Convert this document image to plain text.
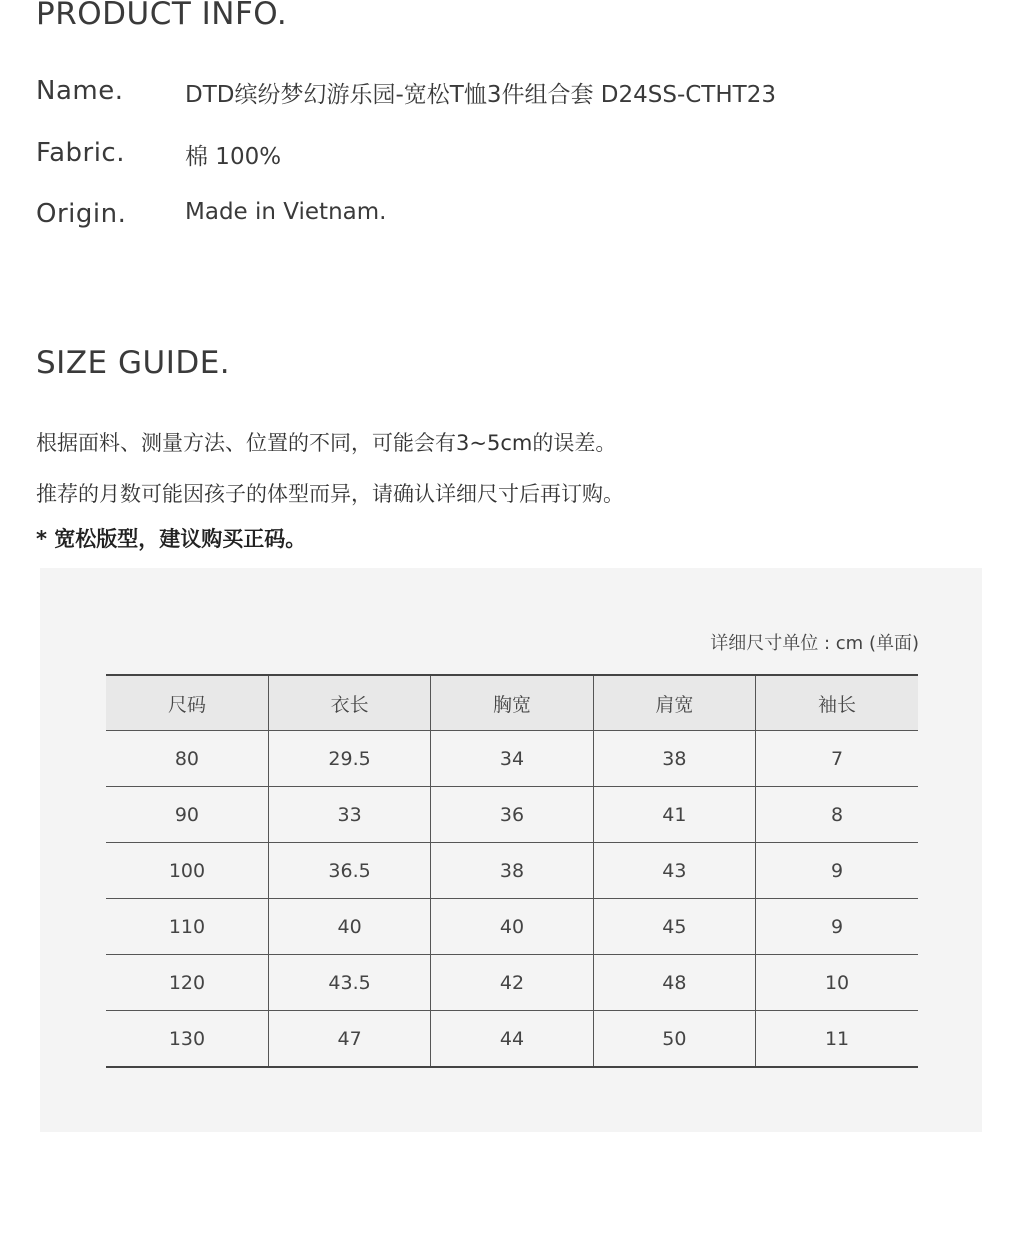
PRODUCT INFO.
Name.	DTD缤纷梦幻游乐园-宽松T恤3件组合套 D24SS-CTHT23
Fabric.	棉 100%
Origin.	Made in Vietnam.
SIZE GUIDE.

根据面料、测量方法、位置的不同，可能会有3~5cm的误差。

推荐的月数可能因孩子的体型而异，请确认详细尺寸后再订购。

* 宽松版型，建议购买正码。

详细尺寸单位 : cm (单面)
尺码	衣长	胸宽	肩宽	袖长
80	29.5	34	38	7
90	33	36	41	8
100	36.5	38	43	9
110	40	40	45	9
120	43.5	42	48	10
130	47	44	50	11
